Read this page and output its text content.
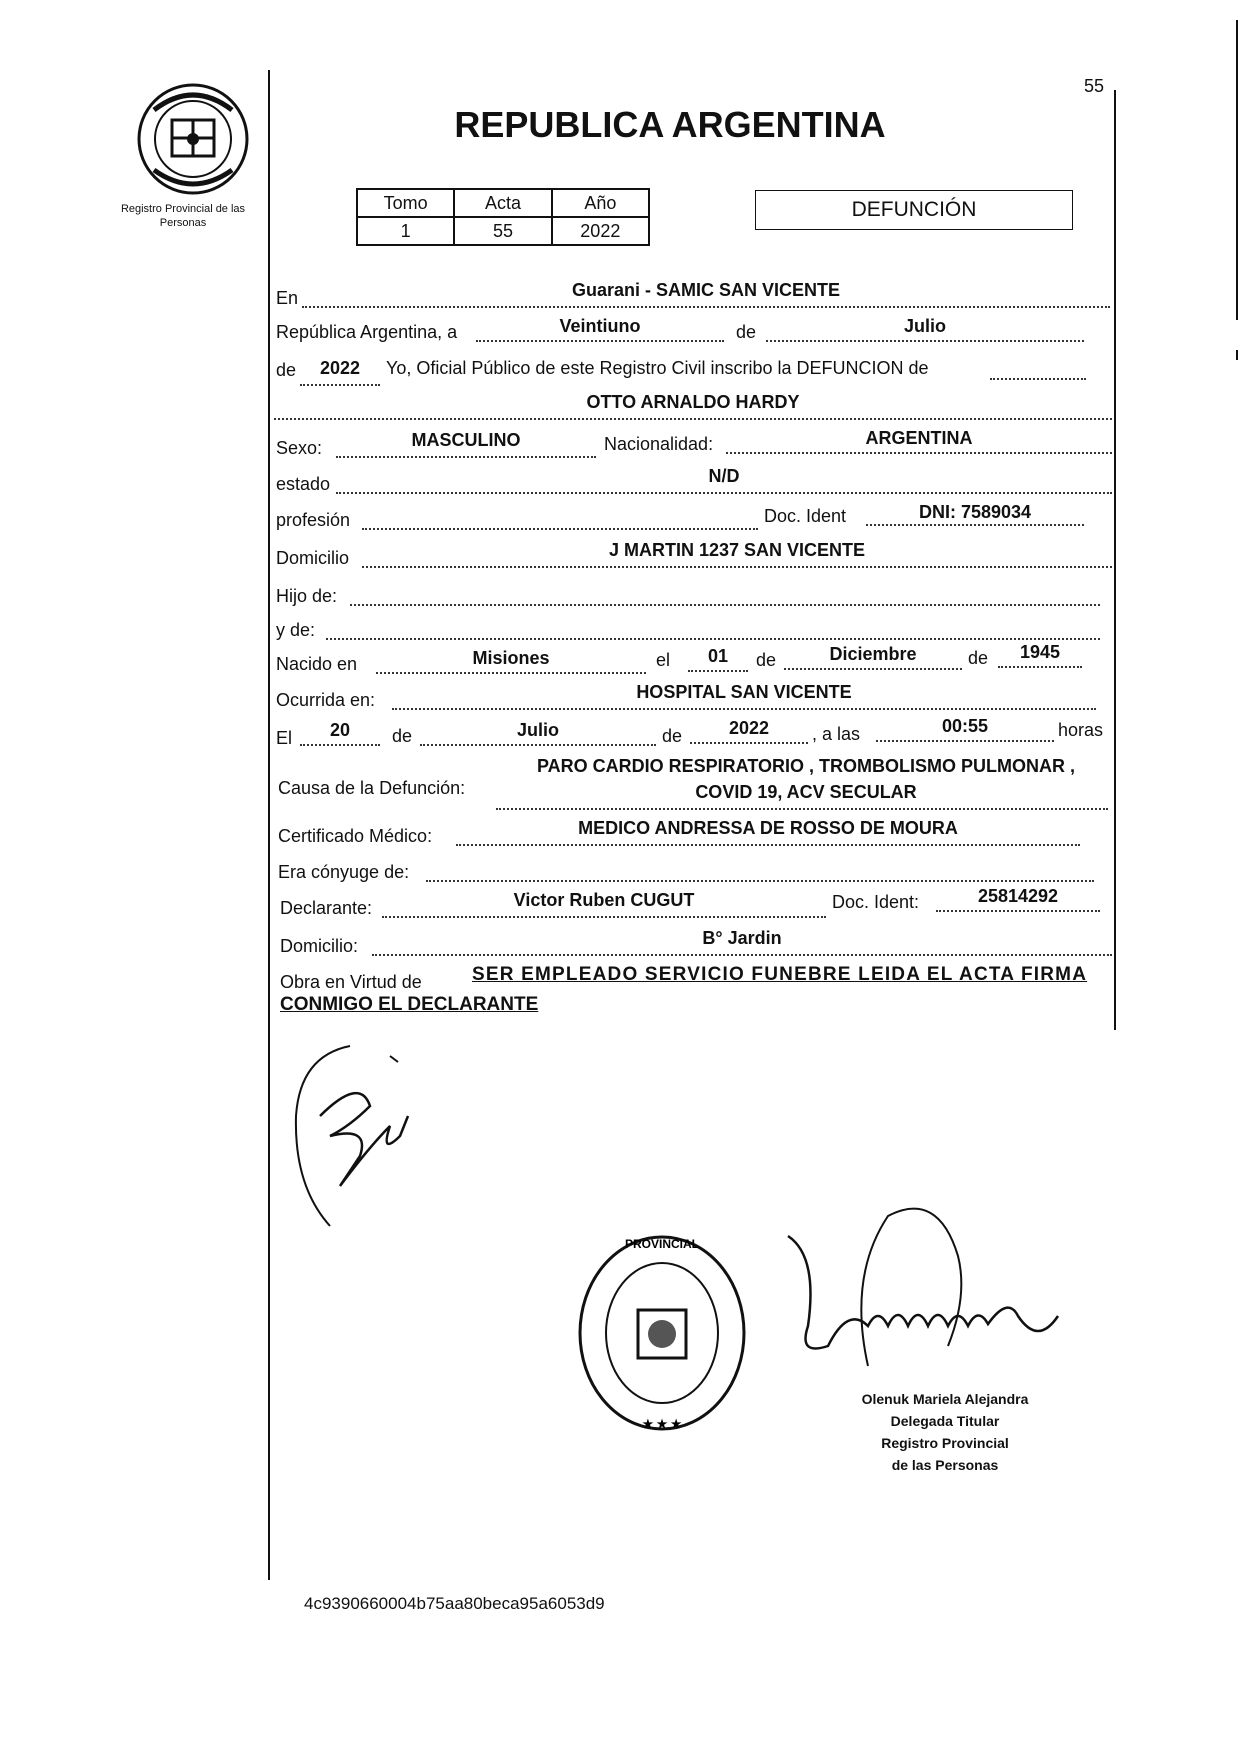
Registro Provincial de las Personas
55
REPUBLICA ARGENTINA
Tomo	Acta	Año
1	55	2022
DEFUNCIÓN
En	Guarani - SAMIC SAN VICENTE
República Argentina, a	Veintiuno	de	Julio
de	2022	Yo, Oficial Público de este Registro Civil inscribo la DEFUNCION de
OTTO ARNALDO HARDY
Sexo:	MASCULINO	Nacionalidad:	ARGENTINA
estado	N/D
profesión	Doc. Ident	DNI: 7589034
Domicilio	J MARTIN 1237 SAN VICENTE
Hijo de:
y de:
Nacido en	Misiones	el	01	de	Diciembre	de	1945
Ocurrida en:	HOSPITAL SAN VICENTE
El	20	de	Julio	de	2022	, a las	00:55	horas
Causa de la Defunción:
PARO CARDIO RESPIRATORIO , TROMBOLISMO PULMONAR ,
COVID 19, ACV SECULAR
Certificado Médico:	MEDICO ANDRESSA DE ROSSO DE MOURA
Era cónyuge de:
Declarante:	Victor Ruben CUGUT	Doc. Ident:	25814292
Domicilio:	B° Jardin
Obra en Virtud de	SER EMPLEADO SERVICIO FUNEBRE LEIDA EL ACTA FIRMA
CONMIGO EL DECLARANTE
PROVINCIAL
★ ★ ★
Olenuk Mariela Alejandra
Delegada Titular
Registro Provincial
de las Personas
4c9390660004b75aa80beca95a6053d9
